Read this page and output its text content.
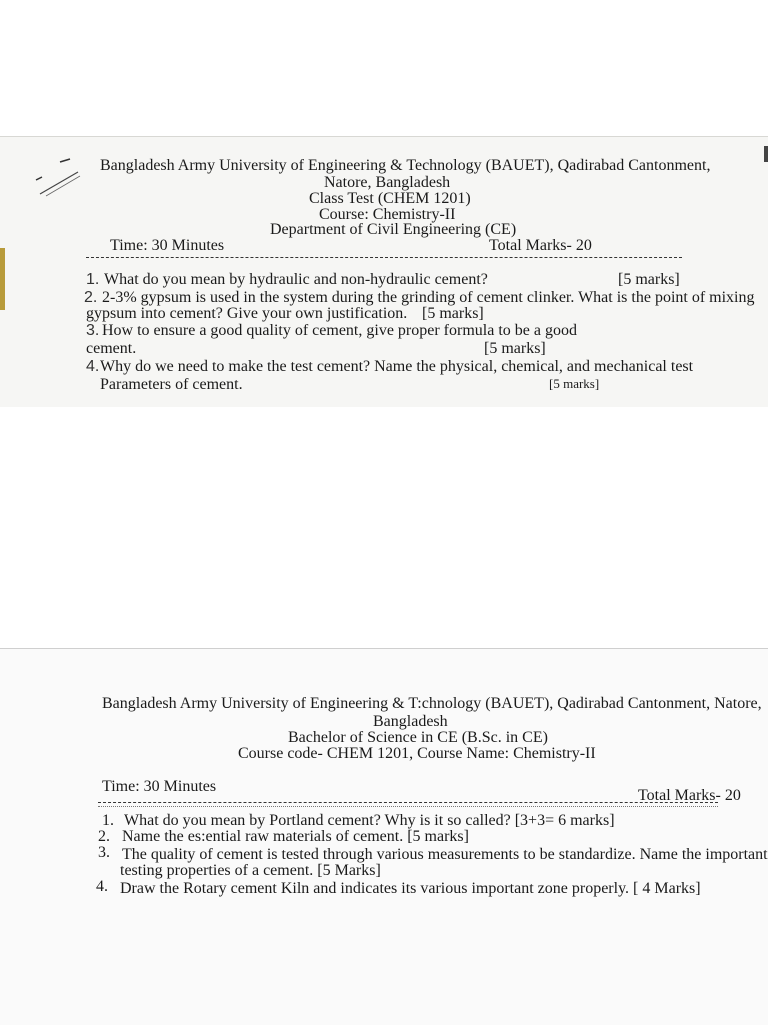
Bangladesh Army University of Engineering & Technology (BAUET), Qadirabad Cantonment,
Natore, Bangladesh
Class Test (CHEM 1201)
Course: Chemistry-II
Department of Civil Engineering (CE)
Time: 30 Minutes	Total Marks- 20
1. What do you mean by hydraulic and non-hydraulic cement?	[5 marks]
2. 2-3% gypsum is used in the system during the grinding of cement clinker. What is the point of mixing
gypsum into cement? Give your own justification. [5 marks]
3. How to ensure a good quality of cement, give proper formula to be a good
cement.	[5 marks]
4. Why do we need to make the test cement? Name the physical, chemical, and mechanical test
Parameters of cement.	[5 marks]
Bangladesh Army University of Engineering & T:chnology (BAUET), Qadirabad Cantonment, Natore,
Bangladesh
Bachelor of Science in CE (B.Sc. in CE)
Course code- CHEM 1201, Course Name: Chemistry-II
Time: 30 Minutes
Total Marks- 20
1. What do you mean by Portland cement? Why is it so called? [3+3= 6 marks]
2. Name the es:ential raw materials of cement. [5 marks]
3. The quality of cement is tested through various measurements to be standardize. Name the important
testing properties of a cement. [5 Marks]
4. Draw the Rotary cement Kiln and indicates its various important zone properly. [ 4 Marks]
